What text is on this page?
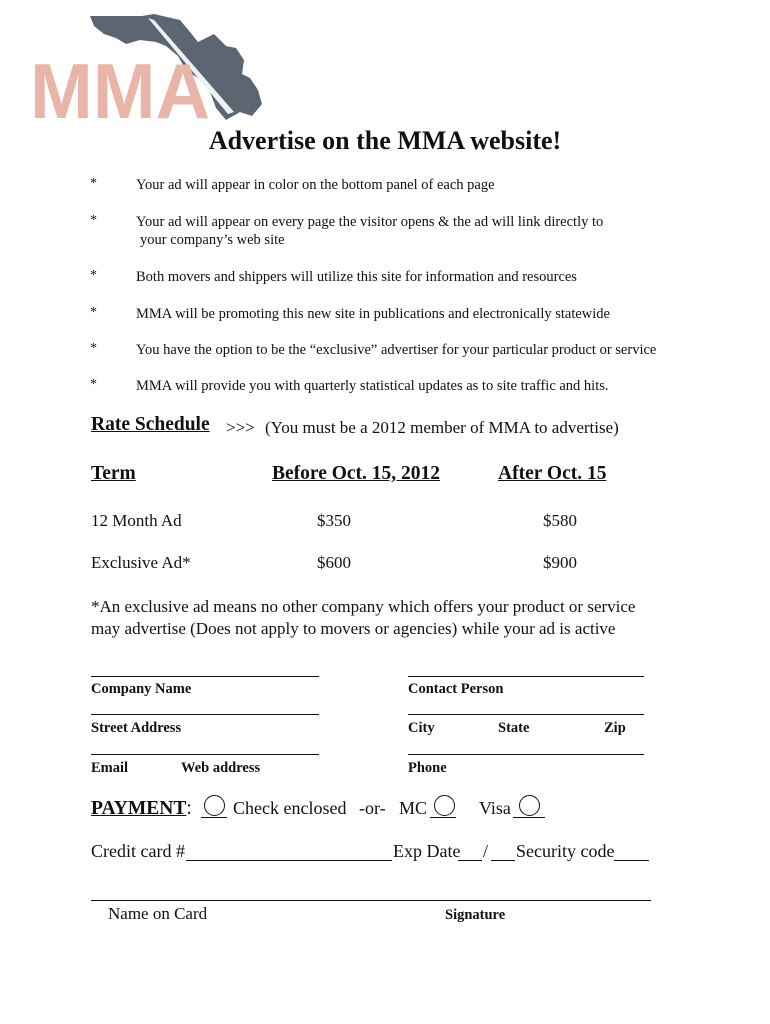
MMA
Advertise on the MMA website!
*	Your ad will appear in color on the bottom panel of each page
*	Your ad will appear on every page the visitor opens & the ad will link directly to
your company’s web site
*	Both movers and shippers will utilize this site for information and resources
*	MMA will be promoting this new site in publications and electronically statewide
*	You have the option to be the “exclusive” advertiser for your particular product or service
*	MMA will provide you with quarterly statistical updates as to site traffic and hits.
Rate Schedule >>> (You must be a 2012 member of MMA to advertise)
Term	Before Oct. 15, 2012	After Oct. 15
12 Month Ad	$350	$580
Exclusive Ad*	$600	$900
*An exclusive ad means no other company which offers your product or service
may advertise (Does not apply to movers or agencies) while your ad is active
Company Name	Contact Person
Street Address	City	State	Zip
Email	Web address	Phone
PAYMENT: Check enclosed -or- MC	Visa
Credit card #	Exp Date / Security code
Name on Card	Signature
